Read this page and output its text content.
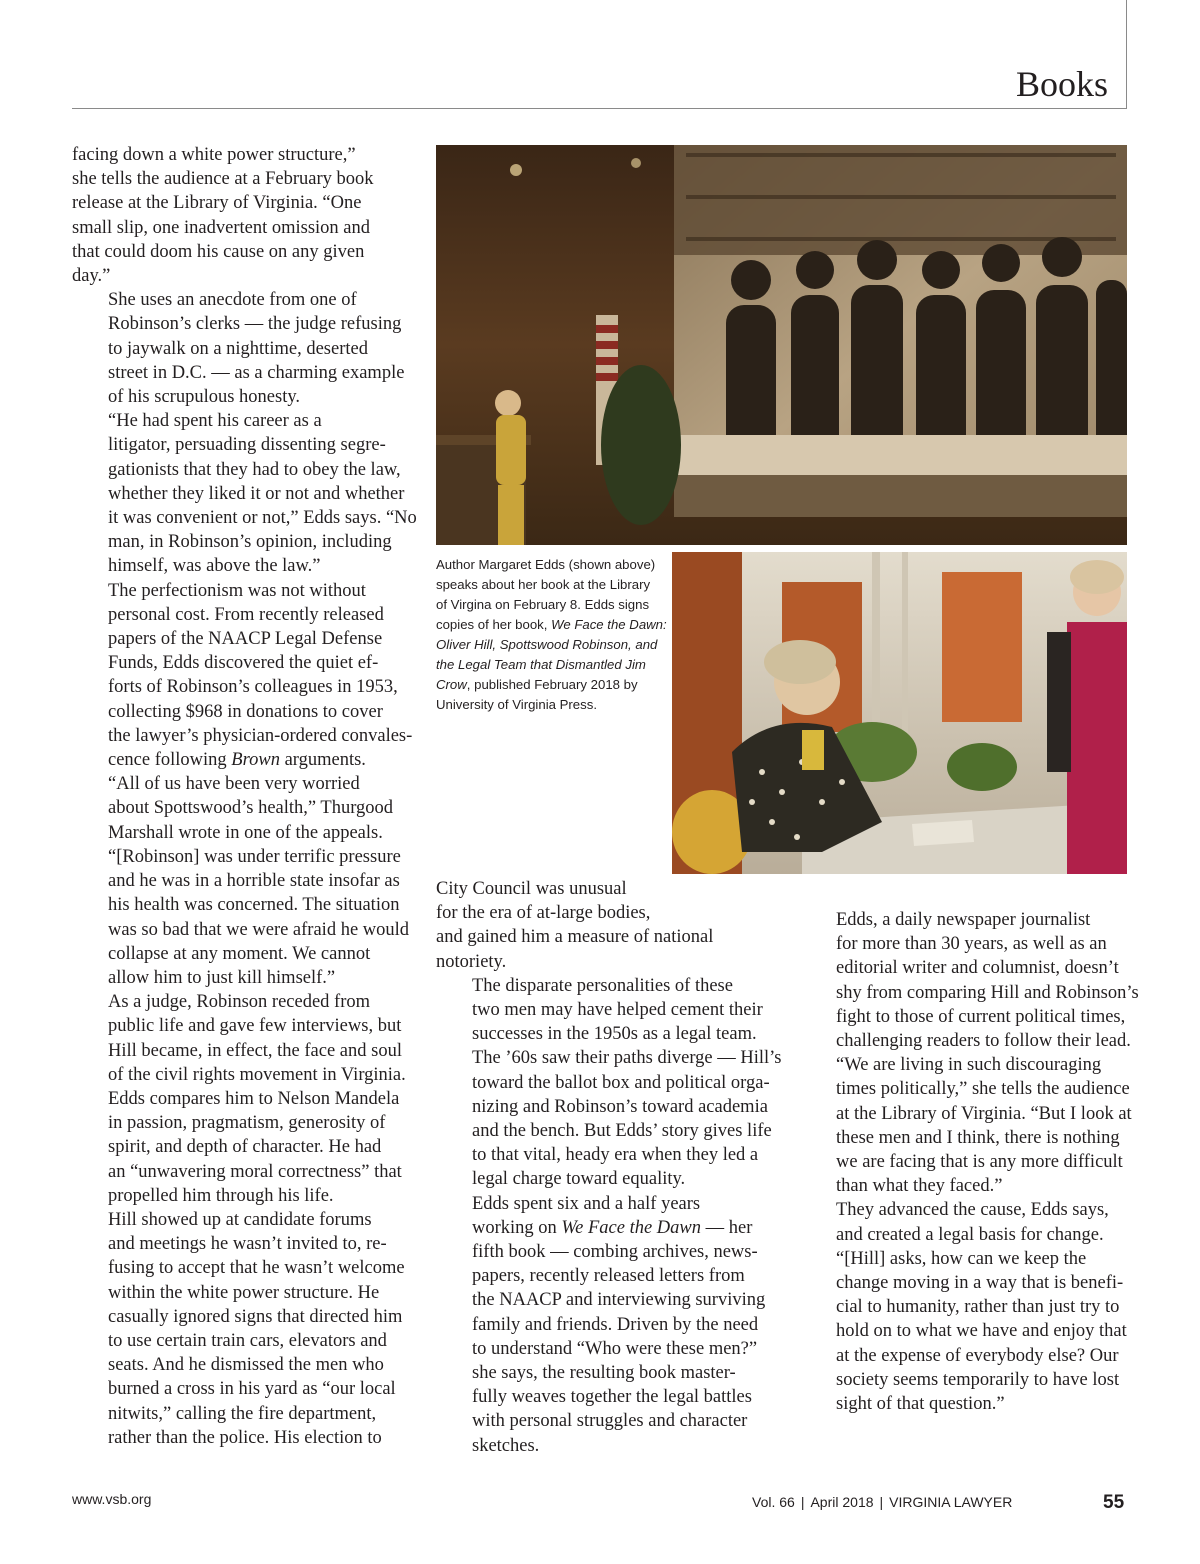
Books

facing down a white power structure,”
she tells the audience at a February book
release at the Library of Virginia. “One
small slip, one inadvertent omission and
that could doom his cause on any given
day.”

She uses an anecdote from one of
Robinson’s clerks — the judge refusing
to jaywalk on a nighttime, deserted
street in D.C. — as a charming example
of his scrupulous honesty.

“He had spent his career as a
litigator, persuading dissenting segre-
gationists that they had to obey the law,
whether they liked it or not and whether
it was convenient or not,” Edds says. “No
man, in Robinson’s opinion, including
himself, was above the law.”

The perfectionism was not without
personal cost. From recently released
papers of the NAACP Legal Defense
Funds, Edds discovered the quiet ef-
forts of Robinson’s colleagues in 1953,
collecting $968 in donations to cover
the lawyer’s physician-ordered convales-
cence following Brown arguments.

“All of us have been very worried
about Spottswood’s health,” Thurgood
Marshall wrote in one of the appeals.
“[Robinson] was under terrific pressure
and he was in a horrible state insofar as
his health was concerned. The situation
was so bad that we were afraid he would
collapse at any moment. We cannot
allow him to just kill himself.”

As a judge, Robinson receded from
public life and gave few interviews, but
Hill became, in effect, the face and soul
of the civil rights movement in Virginia.
Edds compares him to Nelson Mandela
in passion, pragmatism, generosity of
spirit, and depth of character. He had
an “unwavering moral correctness” that
propelled him through his life.

Hill showed up at candidate forums
and meetings he wasn’t invited to, re-
fusing to accept that he wasn’t welcome
within the white power structure. He
casually ignored signs that directed him
to use certain train cars, elevators and
seats. And he dismissed the men who
burned a cross in his yard as “our local
nitwits,” calling the fire department,
rather than the police. His election to

Author Margaret Edds (shown above)
speaks about her book at the Library
of Virgina on February 8. Edds signs
copies of her book, We Face the Dawn:
Oliver Hill, Spottswood Robinson, and
the Legal Team that Dismantled Jim
Crow, published February 2018 by
University of Virginia Press.

City Council was unusual
for the era of at-large bodies,
and gained him a measure of national
notoriety.

The disparate personalities of these
two men may have helped cement their
successes in the 1950s as a legal team.
The ’60s saw their paths diverge — Hill’s
toward the ballot box and political orga-
nizing and Robinson’s toward academia
and the bench. But Edds’ story gives life
to that vital, heady era when they led a
legal charge toward equality.

Edds spent six and a half years
working on We Face the Dawn — her
fifth book — combing archives, news-
papers, recently released letters from
the NAACP and interviewing surviving
family and friends. Driven by the need
to understand “Who were these men?”
she says, the resulting book master-
fully weaves together the legal battles
with personal struggles and character
sketches.

Edds, a daily newspaper journalist
for more than 30 years, as well as an
editorial writer and columnist, doesn’t
shy from comparing Hill and Robinson’s
fight to those of current political times,
challenging readers to follow their lead.
“We are living in such discouraging
times politically,” she tells the audience
at the Library of Virginia. “But I look at
these men and I think, there is nothing
we are facing that is any more difficult
than what they faced.”

They advanced the cause, Edds says,
and created a legal basis for change.

“[Hill] asks, how can we keep the
change moving in a way that is benefi-
cial to humanity, rather than just try to
hold on to what we have and enjoy that
at the expense of everybody else? Our
society seems temporarily to have lost
sight of that question.”

www.vsb.org	Vol. 66 | April 2018 | VIRGINIA LAWYER	55
